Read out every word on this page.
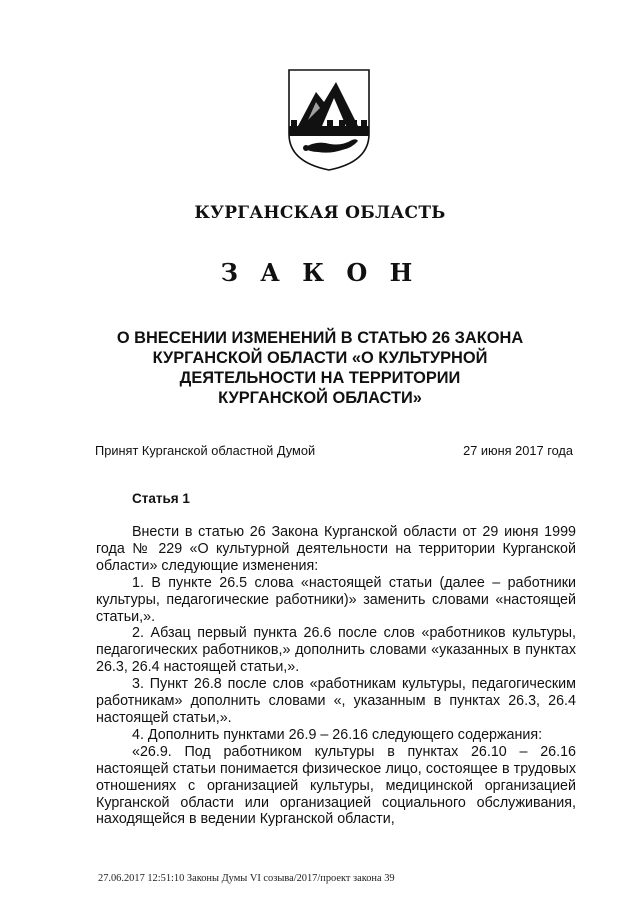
КУРГАНСКАЯ ОБЛАСТЬ
З А К О Н
О ВНЕСЕНИИ ИЗМЕНЕНИЙ В СТАТЬЮ 26 ЗАКОНА
КУРГАНСКОЙ ОБЛАСТИ «О КУЛЬТУРНОЙ
ДЕЯТЕЛЬНОСТИ НА ТЕРРИТОРИИ
КУРГАНСКОЙ ОБЛАСТИ»
Принят Курганской областной Думой	27 июня 2017 года
Статья 1

Внести в статью 26 Закона Курганской области от 29 июня 1999 года № 229 «О культурной деятельности на территории Курганской области» следующие изменения:

1. В пункте 26.5 слова «настоящей статьи (далее – работники культуры, педагогические работники)» заменить словами «настоящей статьи,».

2. Абзац первый пункта 26.6 после слов «работников культуры, педагогических работников,» дополнить словами «указанных в пунктах 26.3, 26.4 настоящей статьи,».

3. Пункт 26.8 после слов «работникам культуры, педагогическим работникам» дополнить словами «, указанным в пунктах 26.3, 26.4 настоящей статьи,».

4. Дополнить пунктами 26.9 – 26.16 следующего содержания:

«26.9. Под работником культуры в пунктах 26.10 – 26.16 настоящей статьи понимается физическое лицо, состоящее в трудовых отношениях с организацией культуры, медицинской организацией Курганской области или организацией социального обслуживания, находящейся в ведении Курганской области,

27.06.2017 12:51:10 Законы Думы VI созыва/2017/проект закона 39
